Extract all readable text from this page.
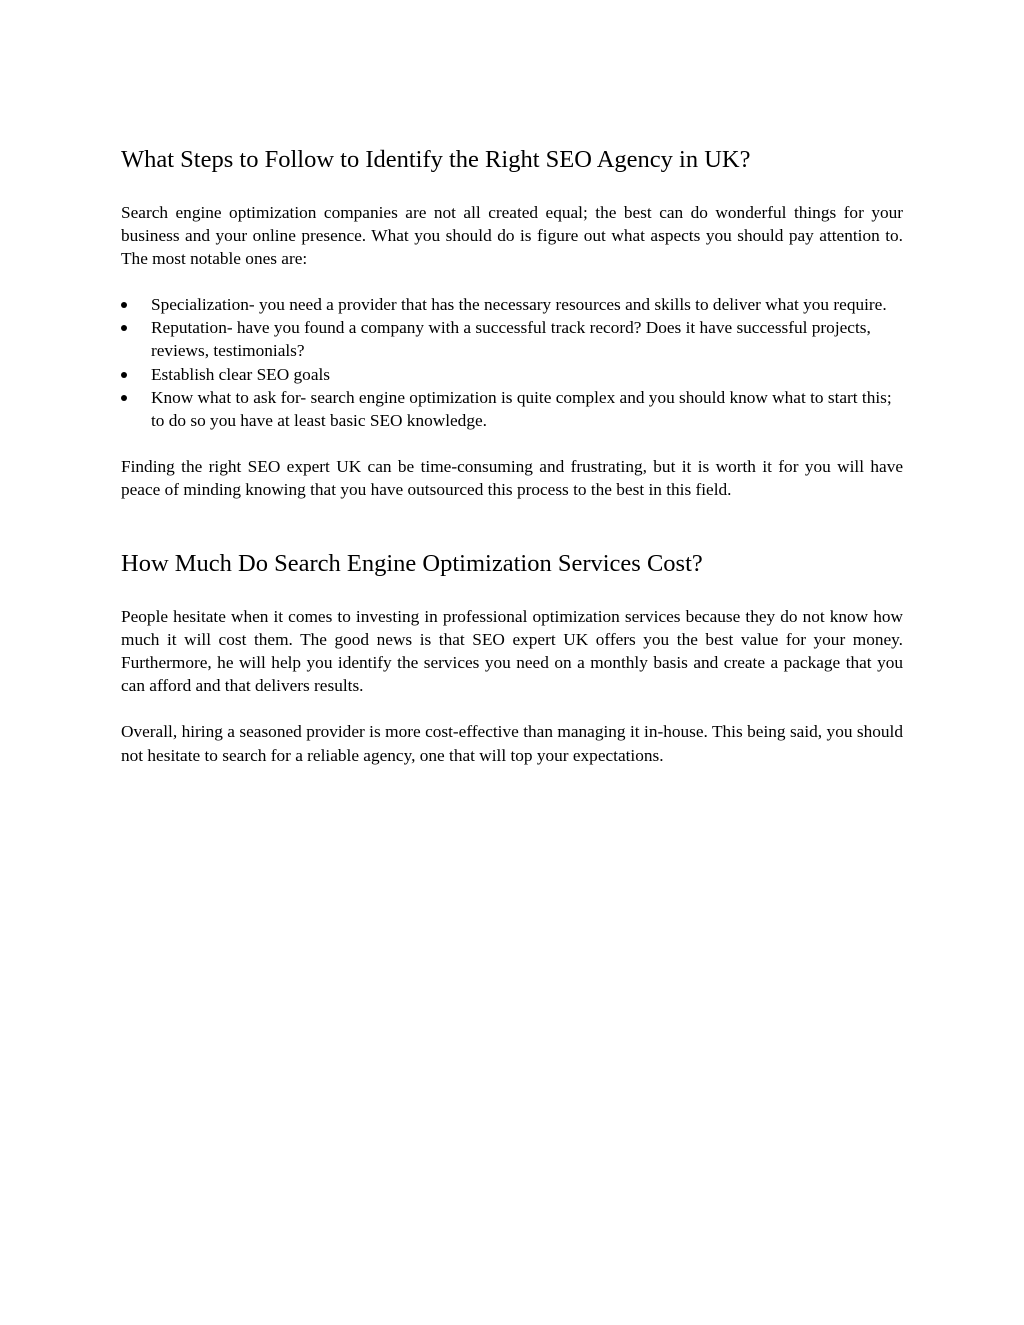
What Steps to Follow to Identify the Right SEO Agency in UK?

Search engine optimization companies are not all created equal; the best can do wonderful things for your business and your online presence. What you should do is figure out what aspects you should pay attention to. The most notable ones are:

Specialization- you need a provider that has the necessary resources and skills to deliver what you require.
Reputation- have you found a company with a successful track record? Does it have successful projects, reviews, testimonials?
Establish clear SEO goals
Know what to ask for- search engine optimization is quite complex and you should know what to start this; to do so you have at least basic SEO knowledge.

Finding the right SEO expert UK can be time-consuming and frustrating, but it is worth it for you will have peace of minding knowing that you have outsourced this process to the best in this field.

How Much Do Search Engine Optimization Services Cost?

People hesitate when it comes to investing in professional optimization services because they do not know how much it will cost them. The good news is that SEO expert UK offers you the best value for your money. Furthermore, he will help you identify the services you need on a monthly basis and create a package that you can afford and that delivers results.

Overall, hiring a seasoned provider is more cost-effective than managing it in-house. This being said, you should not hesitate to search for a reliable agency, one that will top your expectations.
